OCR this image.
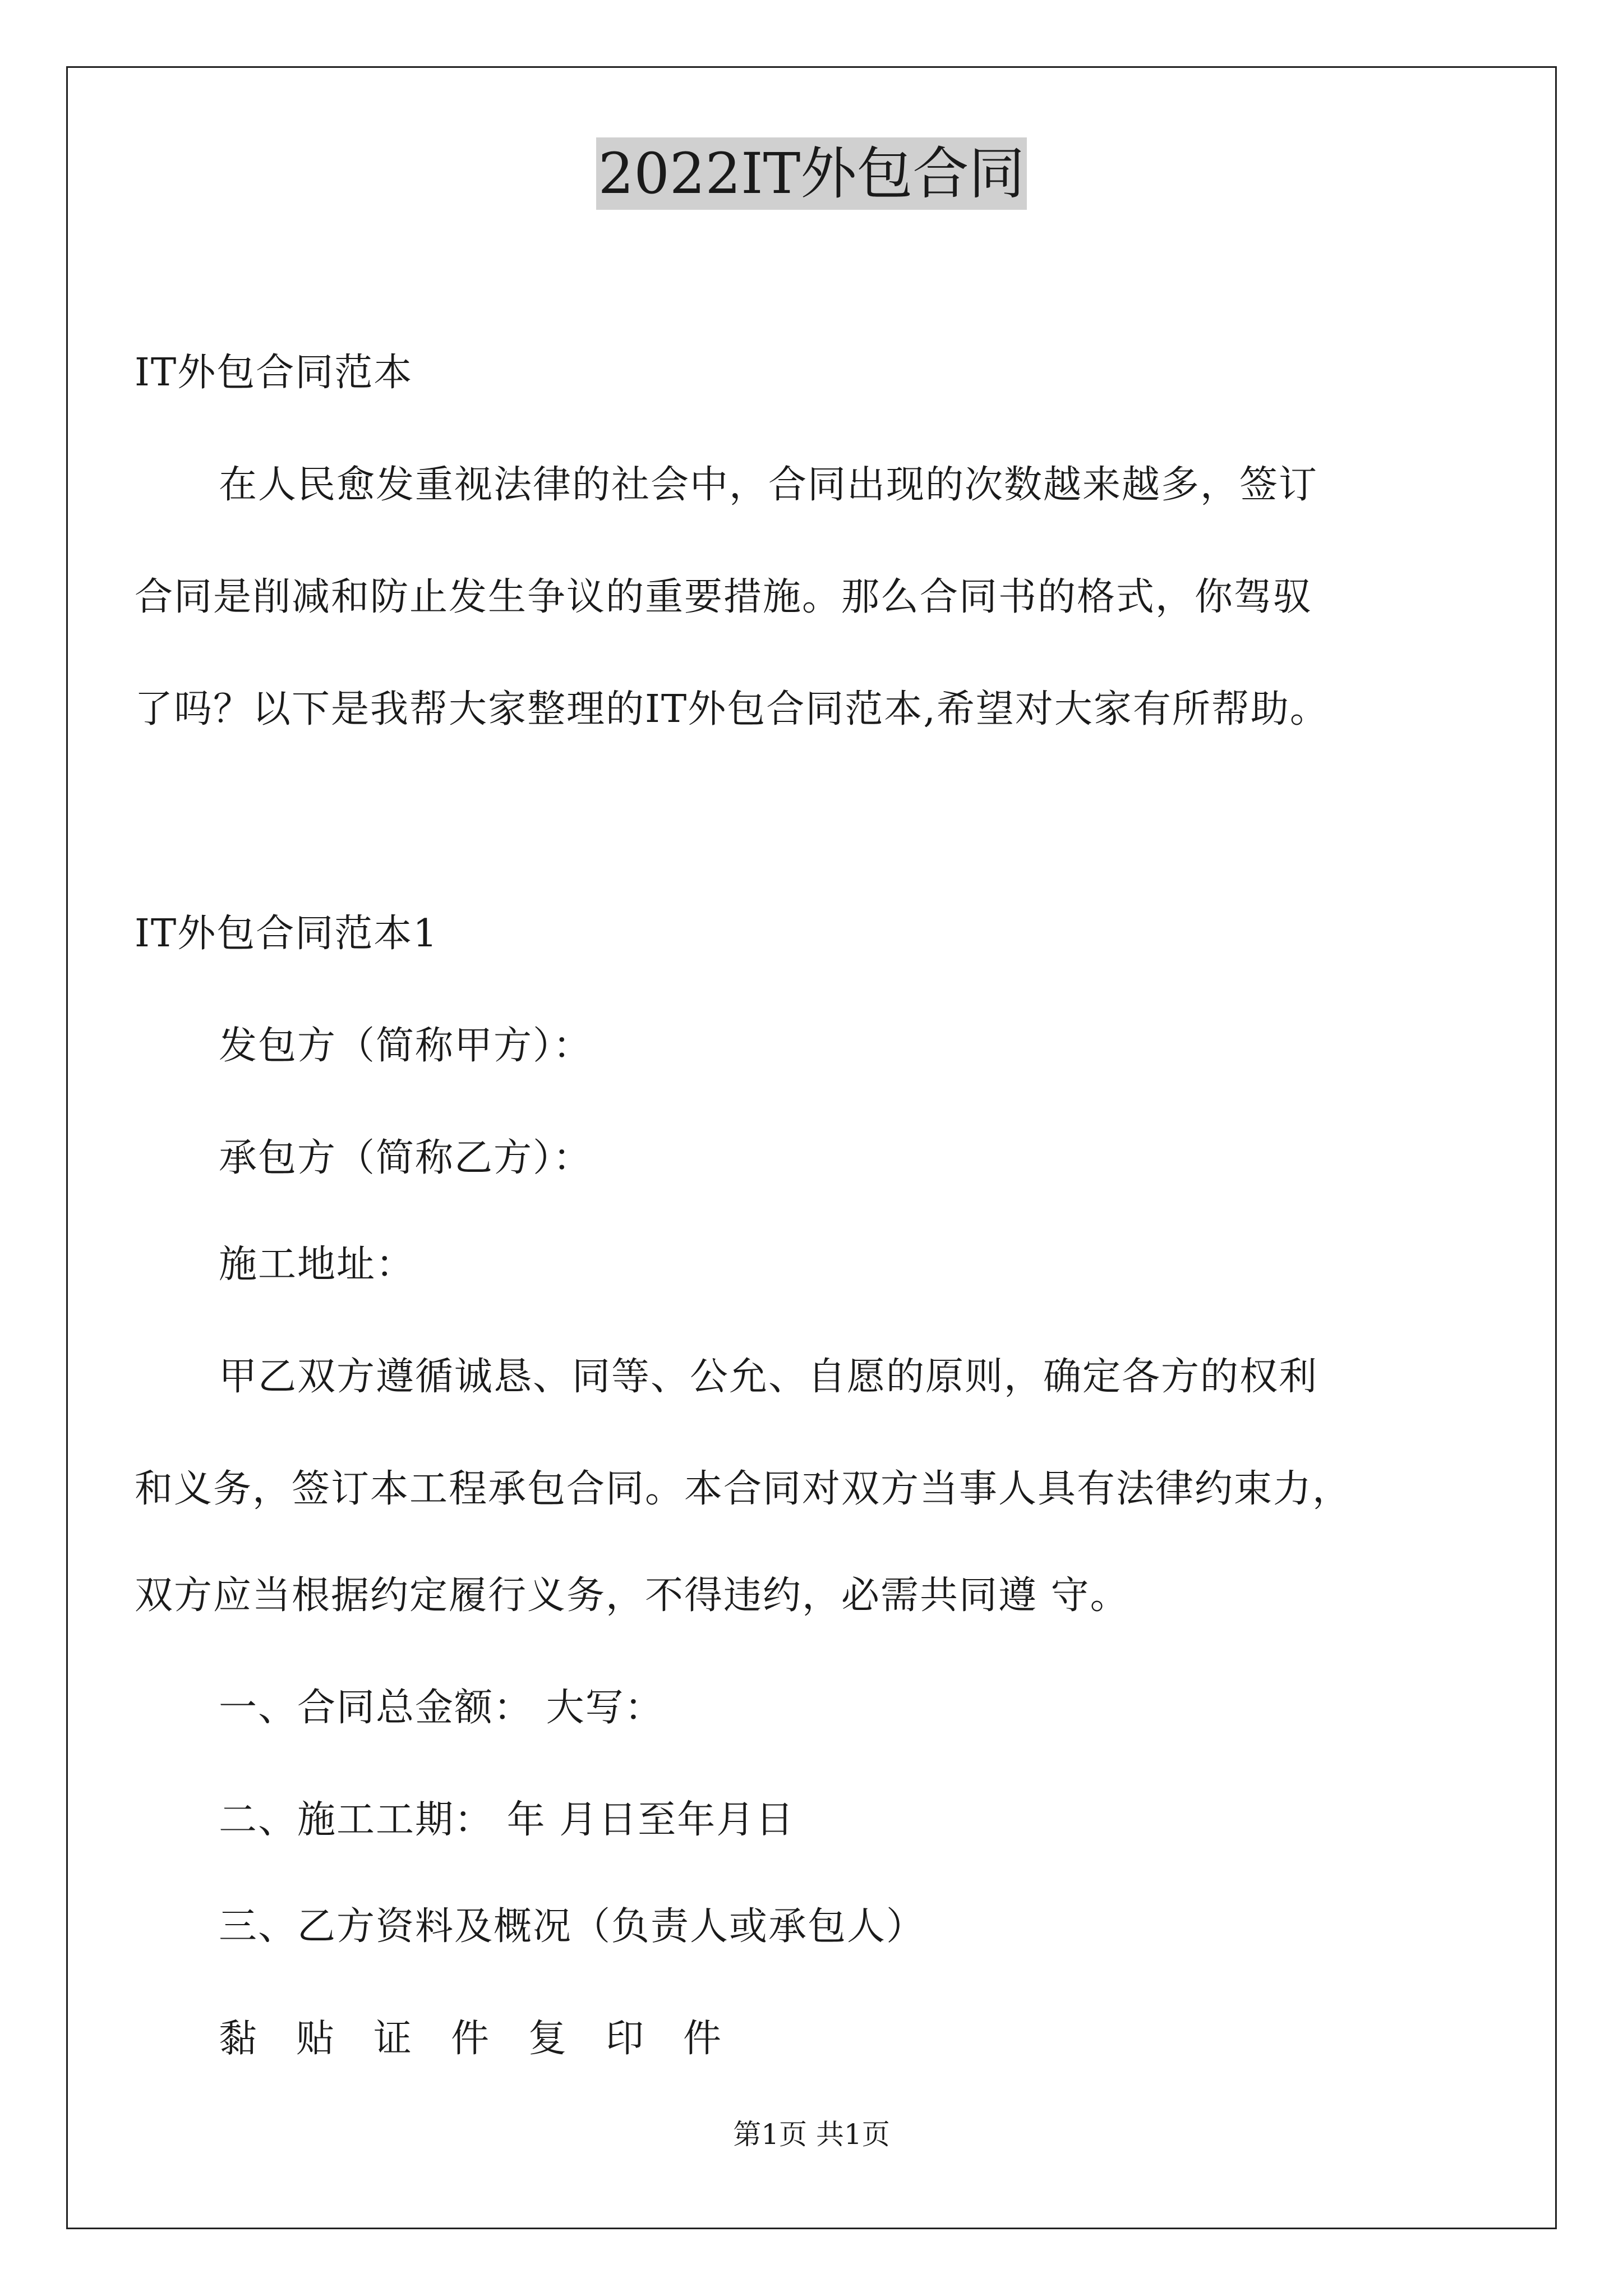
2022IT外包合同
IT外包合同范本
在人民愈发重视法律的社会中，合同出现的次数越来越多，签订
合同是削减和防止发生争议的重要措施。那么合同书的格式，你驾驭
了吗？以下是我帮大家整理的IT外包合同范本,希望对大家有所帮助。
IT外包合同范本1
发包方（简称甲方）：
承包方（简称乙方）：
施工地址：
甲乙双方遵循诚恳、同等、公允、自愿的原则，确定各方的权利
和义务，签订本工程承包合同。本合同对双方当事人具有法律约束力，
双方应当根据约定履行义务，不得违约，必需共同遵 守。
一、合同总金额： 大写：
二、施工工期： 年 月日至年月日
三、乙方资料及概况（负责人或承包人）
黏贴证件复印件
第1页 共1页
